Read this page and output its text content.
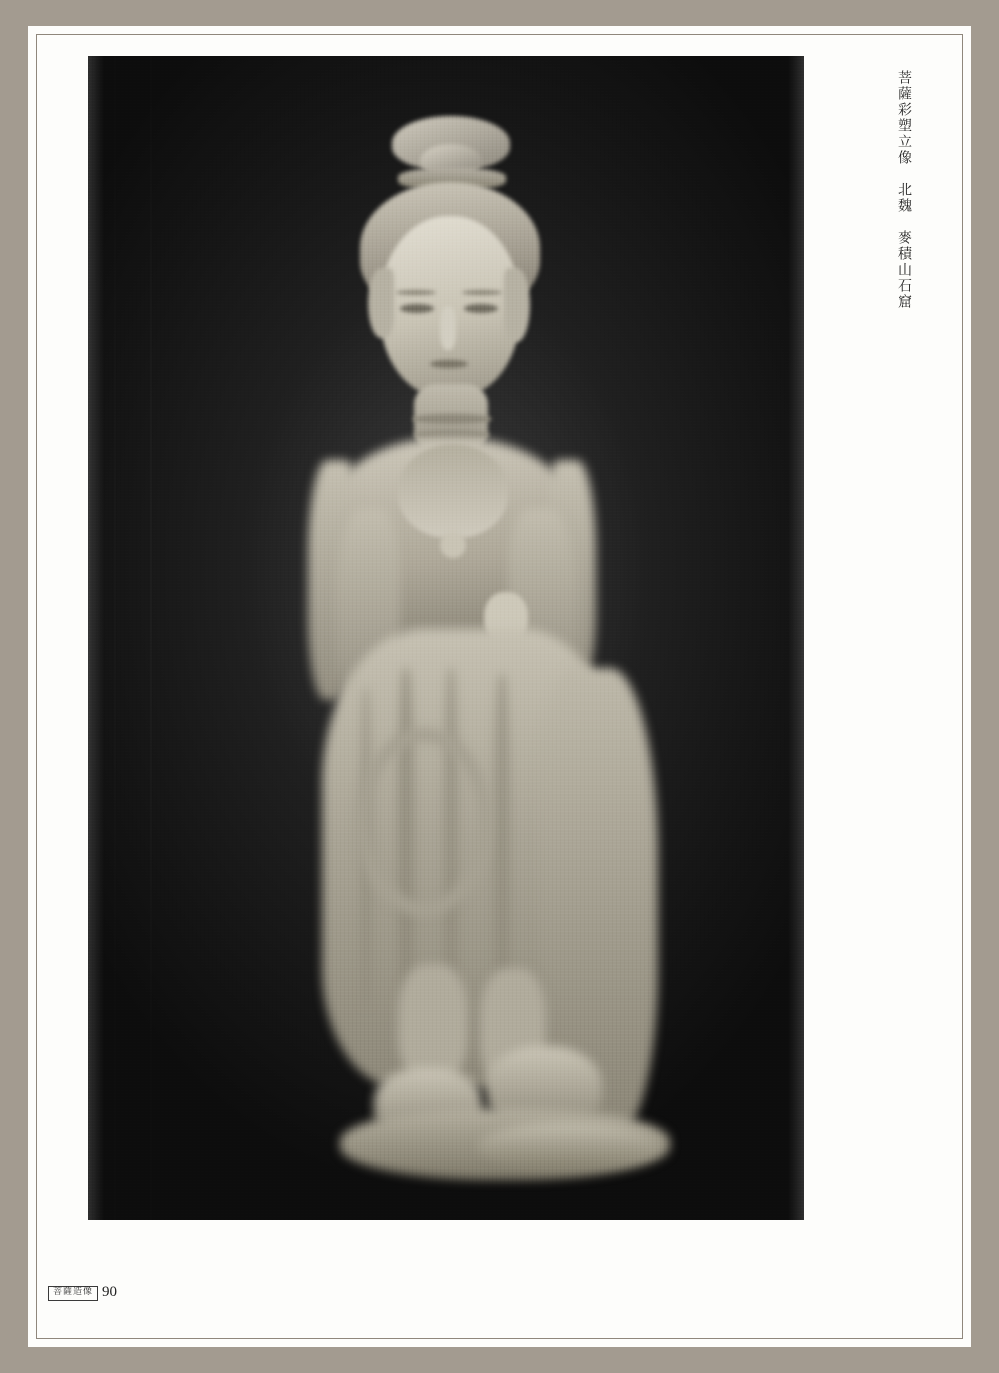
菩薩彩塑立像　北魏　麥積山石窟
菩薩造像 90
